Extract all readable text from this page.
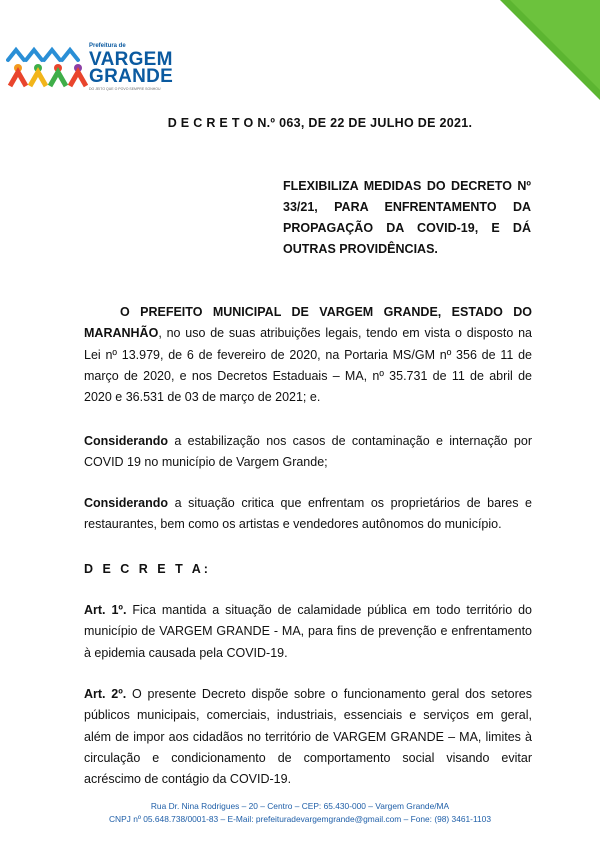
Prefeitura de
VARGEM
GRANDE
DO JEITO QUE O POVO SEMPRE SONHOU
D E C R E T O N.º 063, DE 22 DE JULHO DE 2021.
FLEXIBILIZA MEDIDAS DO DECRETO Nº 33/21, PARA ENFRENTAMENTO DA PROPAGAÇÃO DA COVID-19, E DÁ OUTRAS PROVIDÊNCIAS.

O PREFEITO MUNICIPAL DE VARGEM GRANDE, ESTADO DO MARANHÃO, no uso de suas atribuições legais, tendo em vista o disposto na Lei nº 13.979, de 6 de fevereiro de 2020, na Portaria MS/GM nº 356 de 11 de março de 2020, e nos Decretos Estaduais – MA, nº 35.731 de 11 de abril de 2020 e 36.531 de 03 de março de 2021; e.

Considerando a estabilização nos casos de contaminação e internação por COVID 19 no município de Vargem Grande;

Considerando a situação critica que enfrentam os proprietários de bares e restaurantes, bem como os artistas e vendedores autônomos do município.

D E C R E T A:

Art. 1º. Fica mantida a situação de calamidade pública em todo território do município de VARGEM GRANDE - MA, para fins de prevenção e enfrentamento à epidemia causada pela COVID-19.

Art. 2º. O presente Decreto dispõe sobre o funcionamento geral dos setores públicos municipais, comerciais, industriais, essenciais e serviços em geral, além de impor aos cidadãos no território de VARGEM GRANDE – MA, limites à circulação e condicionamento de comportamento social visando evitar acréscimo de contágio da COVID-19.

Rua Dr. Nina Rodrigues – 20 – Centro – CEP: 65.430-000 – Vargem Grande/MA
CNPJ nº 05.648.738/0001-83 – E-Mail: prefeituradevargemgrande@gmail.com – Fone: (98) 3461-1103
